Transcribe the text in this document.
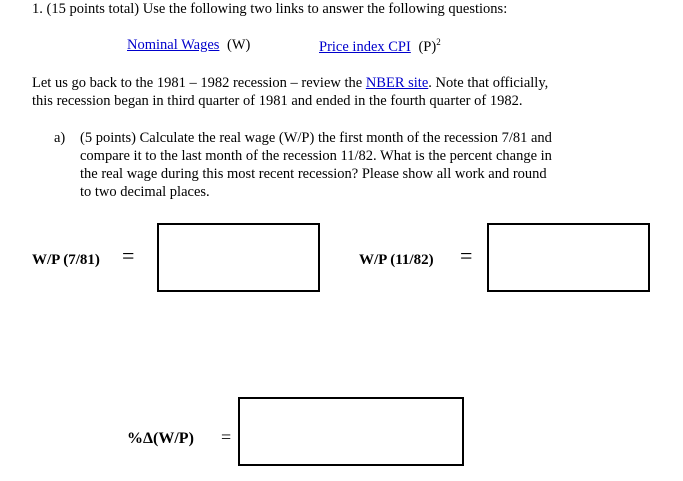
1. (15 points total) Use the following two links to answer the following questions:
Nominal Wages (W)	Price index CPI $(P)^2$
Let us go back to the 1981 – 1982 recession – review the NBER site. Note that officially,
this recession began in third quarter of 1981 and ended in the fourth quarter of 1982.
a) (5 points) Calculate the real wage (W/P) the first month of the recession 7/81 and
compare it to the last month of the recession 11/82. What is the percent change in
the real wage during this most recent recession? Please show all work and round
to two decimal places.
W/P (7/81) =	W/P (11/82) =
%Δ(W/P) =
